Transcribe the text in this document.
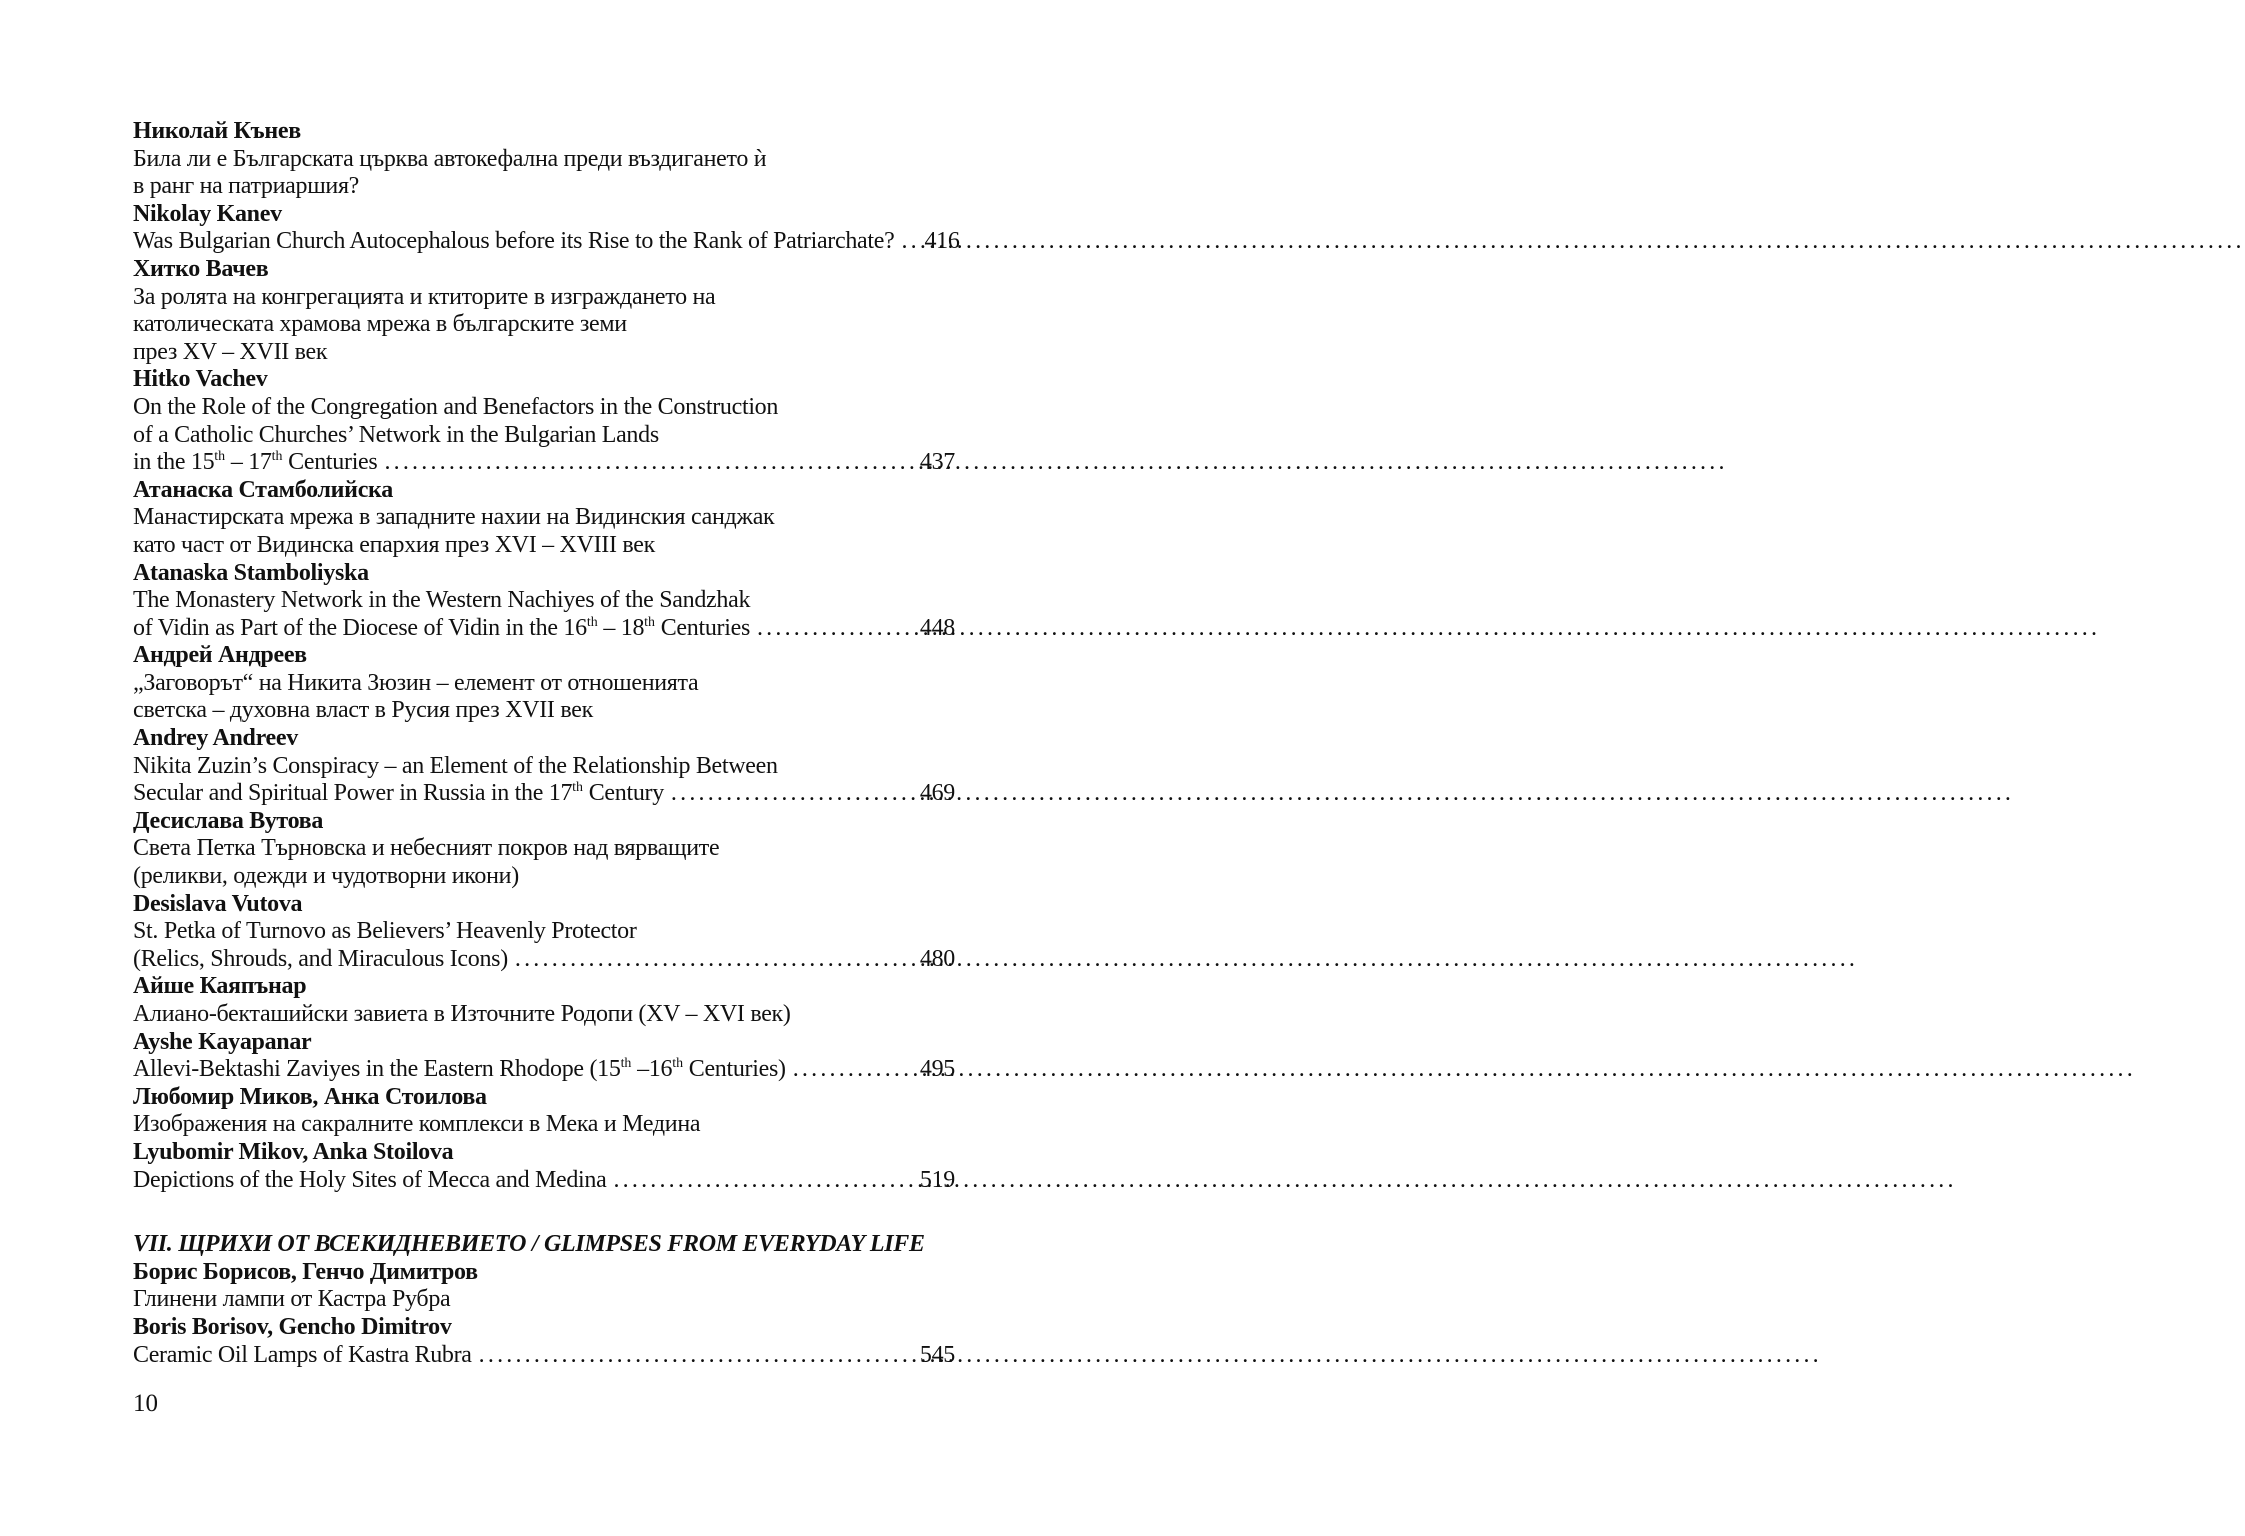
Николай Кънев
Била ли е Българската църква автокефална преди въздигането ѝ
в ранг на патриаршия?
Nikolay Kanev
Was Bulgarian Church Autocephalous before its Rise to the Rank of Patriarchate? ..... 416
Хитко Вачев
За ролята на конгрегацията и ктиторите в изграждането на
католическата храмова мрежа в българските земи
през XV – XVII век
Hitko Vachev
On the Role of the Congregation and Benefactors in the Construction
of a Catholic Churches’ Network in the Bulgarian Lands
in the 15th – 17th Centuries .....	437
Атанаска Стамболийска
Манастирската мрежа в западните нахии на Видинския санджак
като част от Видинска епархия през XVI – XVIII век
Atanaska Stamboliyska
The Monastery Network in the Western Nachiyes of the Sandzhak
of Vidin as Part of the Diocese of Vidin in the 16th – 18th Centuries .....	448
Андрей Андреев
„Заговорът“ на Никита Зюзин – елемент от отношенията
светска – духовна власт в Русия през XVII век
Andrey Andreev
Nikita Zuzin’s Conspiracy – an Element of the Relationship Between
Secular and Spiritual Power in Russia in the 17th Century .....	469
Десислава Вутова
Света Петка Търновска и небесният покров над вярващите
(реликви, одежди и чудотворни икони)
Desislava Vutova
St. Petka of Turnovo as Believers’ Heavenly Protector
(Relics, Shrouds, and Miraculous Icons) .....	480
Айше Каяпънар
Алиано-бекташийски завиета в Източните Родопи (XV – XVI век)
Ayshe Kayapanar
Allevi-Bektashi Zaviyes in the Eastern Rhodope (15th –16th Centuries) .....	495
Любомир Миков, Анка Стоилова
Изображения на сакралните комплекси в Мека и Медина
Lyubomir Mikov, Anka Stoilova
Depictions of the Holy Sites of Mecca and Medina .....	519
VII. ЩРИХИ ОТ ВСЕКИДНЕВИЕТО / GLIMPSES FROM EVERYDAY LIFE
Борис Борисов, Генчо Димитров
Глинени лампи от Кастра Рубра
Boris Borisov, Gencho Dimitrov
Ceramic Oil Lamps of Kastra Rubra .....	545
10
